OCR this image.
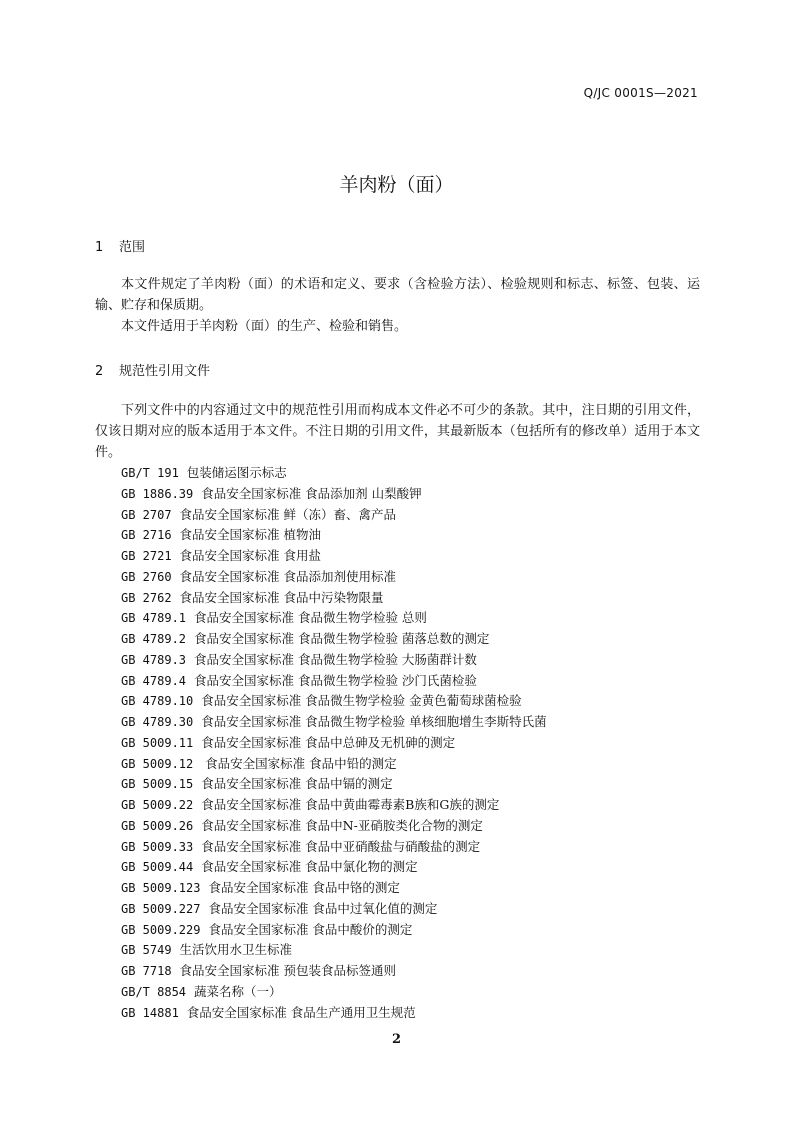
Q/JC 0001S—2021
羊肉粉（面）
1 范围

本文件规定了羊肉粉（面）的术语和定义、要求（含检验方法）、检验规则和标志、标签、包装、运输、贮存和保质期。

本文件适用于羊肉粉（面）的生产、检验和销售。

2 规范性引用文件

下列文件中的内容通过文中的规范性引用而构成本文件必不可少的条款。其中，注日期的引用文件，仅该日期对应的版本适用于本文件。不注日期的引用文件，其最新版本（包括所有的修改单）适用于本文件。

GB/T 191 包装储运图示标志
GB 1886.39 食品安全国家标准 食品添加剂 山梨酸钾
GB 2707 食品安全国家标准 鲜（冻）畜、禽产品
GB 2716 食品安全国家标准 植物油
GB 2721 食品安全国家标准 食用盐
GB 2760 食品安全国家标准 食品添加剂使用标准
GB 2762 食品安全国家标准 食品中污染物限量
GB 4789.1 食品安全国家标准 食品微生物学检验 总则
GB 4789.2 食品安全国家标准 食品微生物学检验 菌落总数的测定
GB 4789.3 食品安全国家标准 食品微生物学检验 大肠菌群计数
GB 4789.4 食品安全国家标准 食品微生物学检验 沙门氏菌检验
GB 4789.10 食品安全国家标准 食品微生物学检验 金黄色葡萄球菌检验
GB 4789.30 食品安全国家标准 食品微生物学检验 单核细胞增生李斯特氏菌
GB 5009.11 食品安全国家标准 食品中总砷及无机砷的测定
GB 5009.12   食品安全国家标准 食品中铅的测定
GB 5009.15 食品安全国家标准 食品中镉的测定
GB 5009.22 食品安全国家标准 食品中黄曲霉毒素B族和G族的测定
GB 5009.26 食品安全国家标准 食品中N-亚硝胺类化合物的测定
GB 5009.33 食品安全国家标准 食品中亚硝酸盐与硝酸盐的测定
GB 5009.44 食品安全国家标准 食品中氯化物的测定
GB 5009.123 食品安全国家标准 食品中铬的测定
GB 5009.227 食品安全国家标准 食品中过氧化值的测定
GB 5009.229 食品安全国家标准 食品中酸价的测定
GB 5749 生活饮用水卫生标准
GB 7718 食品安全国家标准 预包装食品标签通则
GB/T 8854 蔬菜名称（一）
GB 14881 食品安全国家标准 食品生产通用卫生规范
2
